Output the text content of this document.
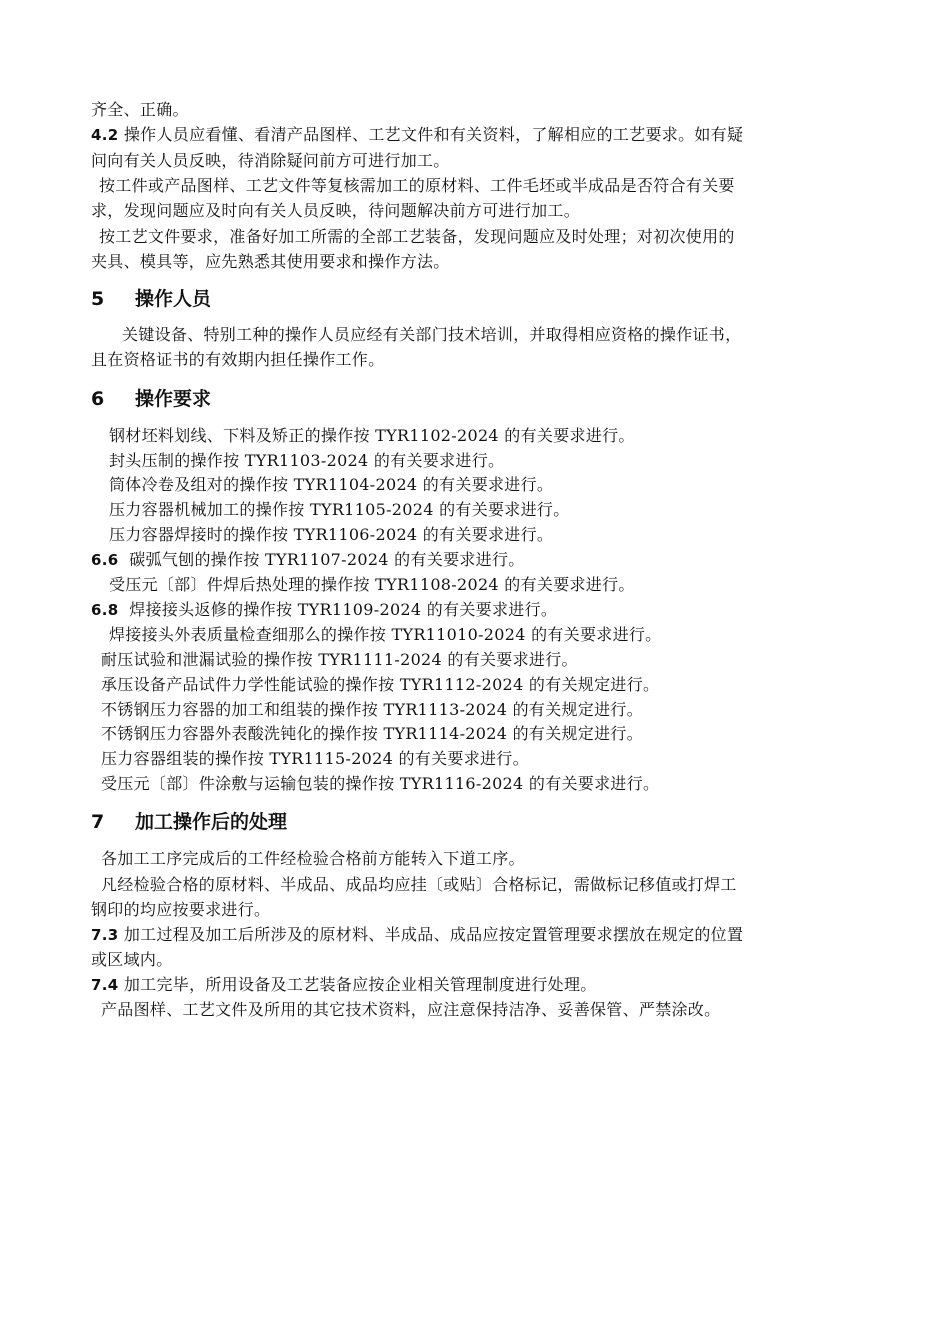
齐全、正确。
4.2 操作人员应看懂、看清产品图样、工艺文件和有关资料，了解相应的工艺要求。如有疑
问向有关人员反映，待消除疑问前方可进行加工。
按工件或产品图样、工艺文件等复核需加工的原材料、工件毛坯或半成品是否符合有关要
求，发现问题应及时向有关人员反映，待问题解决前方可进行加工。
按工艺文件要求，准备好加工所需的全部工艺装备，发现问题应及时处理；对初次使用的
夹具、模具等，应先熟悉其使用要求和操作方法。
5 操作人员
关键设备、特别工种的操作人员应经有关部门技术培训，并取得相应资格的操作证书，
且在资格证书的有效期内担任操作工作。
6 操作要求
钢材坯料划线、下料及矫正的操作按 TYR1102-2024 的有关要求进行。
封头压制的操作按 TYR1103-2024 的有关要求进行。
筒体冷卷及组对的操作按 TYR1104-2024 的有关要求进行。
压力容器机械加工的操作按 TYR1105-2024 的有关要求进行。
压力容器焊接时的操作按 TYR1106-2024 的有关要求进行。
6.6 碳弧气刨的操作按 TYR1107-2024 的有关要求进行。
受压元〔部〕件焊后热处理的操作按 TYR1108-2024 的有关要求进行。
6.8 焊接接头返修的操作按 TYR1109-2024 的有关要求进行。
焊接接头外表质量检查细那么的操作按 TYR11010-2024 的有关要求进行。
耐压试验和泄漏试验的操作按 TYR1111-2024 的有关要求进行。
承压设备产品试件力学性能试验的操作按 TYR1112-2024 的有关规定进行。
不锈钢压力容器的加工和组装的操作按 TYR1113-2024 的有关规定进行。
不锈钢压力容器外表酸洗钝化的操作按 TYR1114-2024 的有关规定进行。
压力容器组装的操作按 TYR1115-2024 的有关要求进行。
受压元〔部〕件涂敷与运输包装的操作按 TYR1116-2024 的有关要求进行。
7 加工操作后的处理
各加工工序完成后的工件经检验合格前方能转入下道工序。
凡经检验合格的原材料、半成品、成品均应挂〔或贴〕合格标记，需做标记移值或打焊工
钢印的均应按要求进行。
7.3 加工过程及加工后所涉及的原材料、半成品、成品应按定置管理要求摆放在规定的位置
或区域内。
7.4 加工完毕，所用设备及工艺装备应按企业相关管理制度进行处理。
产品图样、工艺文件及所用的其它技术资料，应注意保持洁净、妥善保管、严禁涂改。
